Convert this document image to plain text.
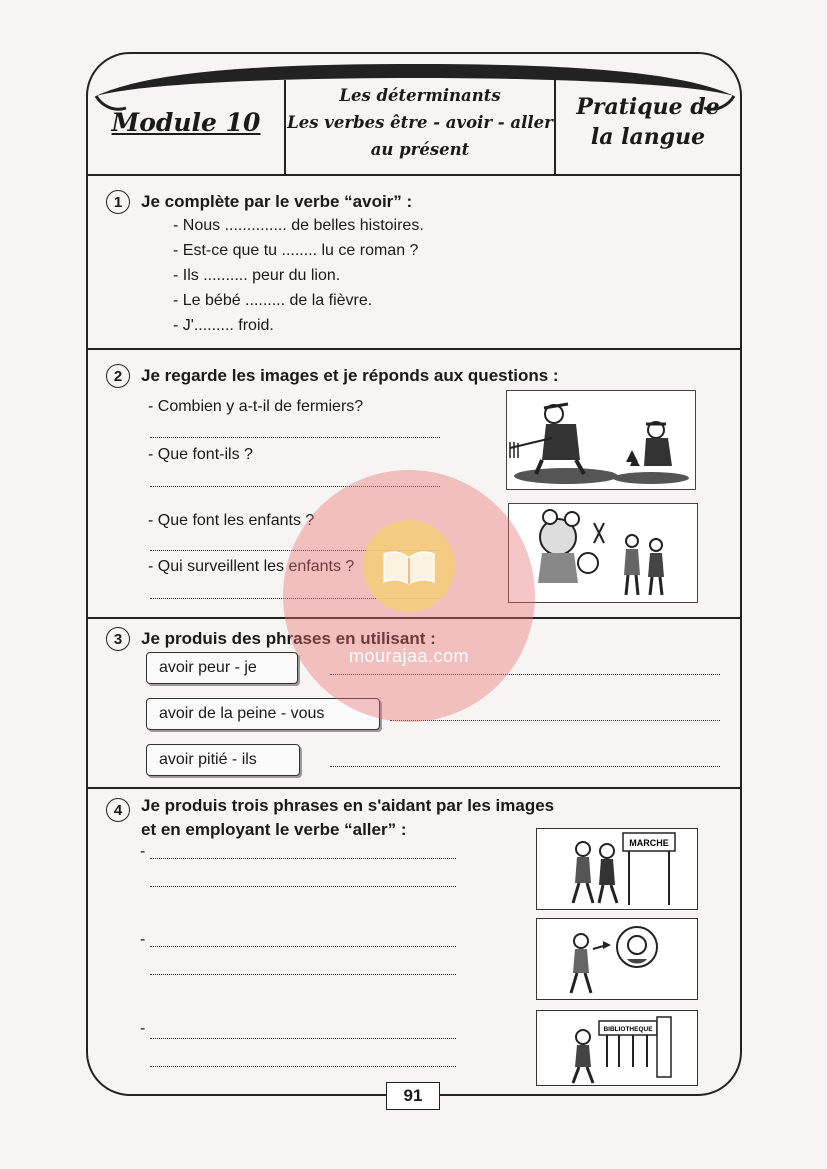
Module 10
Les déterminants
Les verbes être - avoir - aller
au présent
Pratique de
la langue
1	Je complète par le verbe “avoir” :
- Nous .............. de belles histoires.
- Est-ce que tu ........ lu ce roman ?
- Ils .......... peur du lion.
- Le bébé ......... de la fièvre.
- J'......... froid.
2	Je regarde les images et je réponds aux questions :
- Combien y a-t-il de fermiers?
- Que font-ils ?
- Que font les enfants ?
- Qui surveillent les enfants ?
3	Je produis des phrases en utilisant :
avoir peur - je
avoir de la peine - vous
avoir pitié - ils
4	Je produis trois phrases en s'aidant par les images
et en employant le verbe “aller” :
-
-
-
MARCHE
BIBLIOTHEQUE
91
mourajaa.com
